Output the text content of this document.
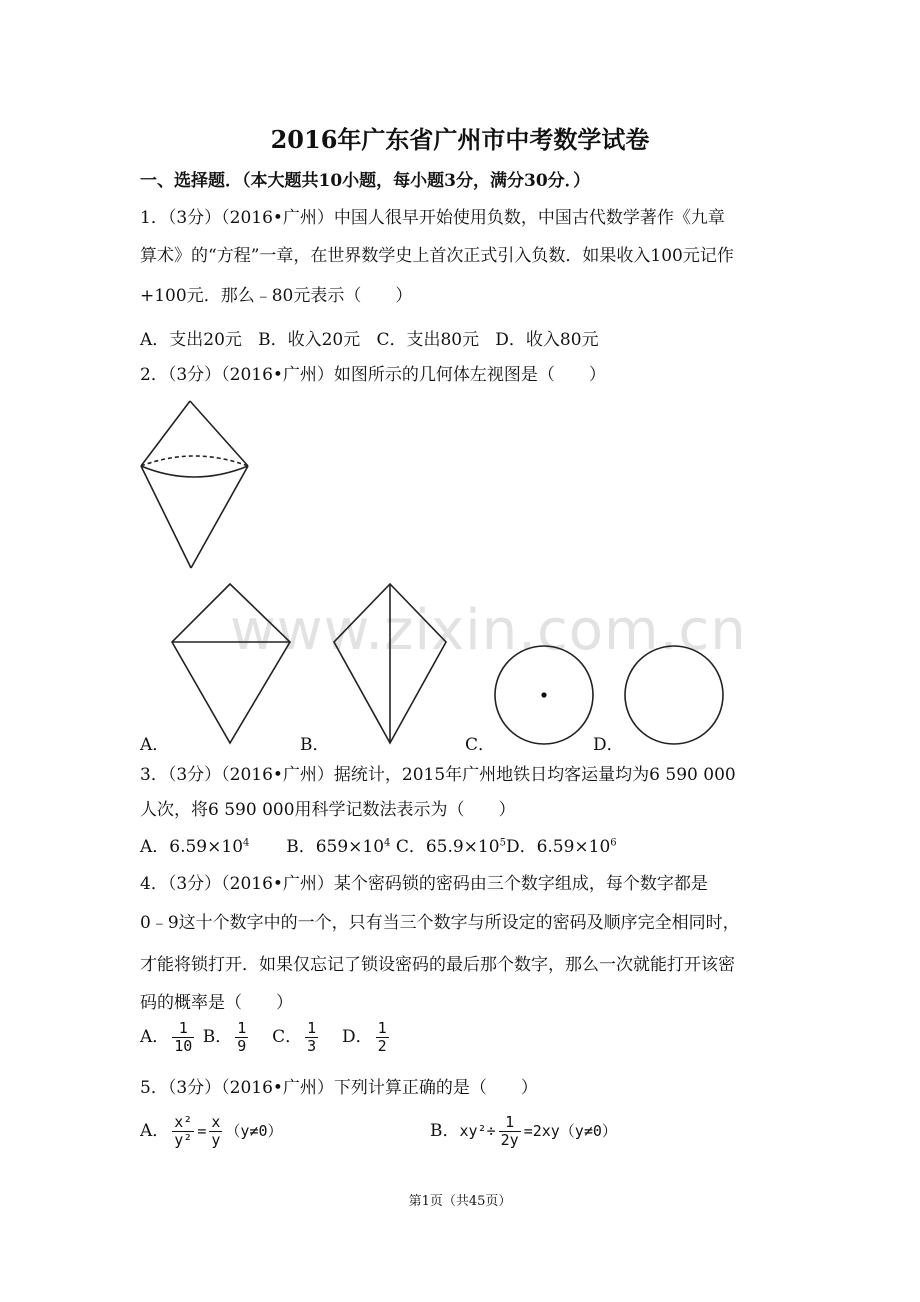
2016年广东省广州市中考数学试卷
一、选择题．（本大题共10小题，每小题3分，满分30分．）
1．（3分）（2016•广州）中国人很早开始使用负数，中国古代数学著作《九章
算术》的“方程”一章，在世界数学史上首次正式引入负数．如果收入100元记作
+100元．那么﹣80元表示（　　）
A．支出20元   B．收入20元   C．支出80元   D．收入80元
2．（3分）（2016•广州）如图所示的几何体左视图是（　　）
www.zixin.com.cn
A．	B．	C．	D．
3．（3分）（2016•广州）据统计，2015年广州地铁日均客运量均为6 590 000
人次，将6 590 000用科学记数法表示为（　　）
A．$6.59\times 10^4$ B．$659\times 10^4$ C．$65.9\times 10^5D$．$6.59\times 10^6$
4．（3分）（2016•广州）某个密码锁的密码由三个数字组成，每个数字都是
0﹣9这十个数字中的一个，只有当三个数字与所设定的密码及顺序完全相同时，
才能将锁打开．如果仅忘记了锁设密码的最后那个数字，那么一次就能打开该密
码的概率是（　　）
A． $\frac{1}{10}$ B． $\frac{1}{9}$ C． $\frac{1}{3}$ D． $\frac{1}{2}$
5．（3分）（2016•广州）下列计算正确的是（　　）
A． $\frac{\text{x²}}{\text{y²}} = \frac{x}{y} (y\ne 0)$	B．$xy^2\div \frac{1}{2y} =2xy(y\ne 0)$
第1页（共45页）
